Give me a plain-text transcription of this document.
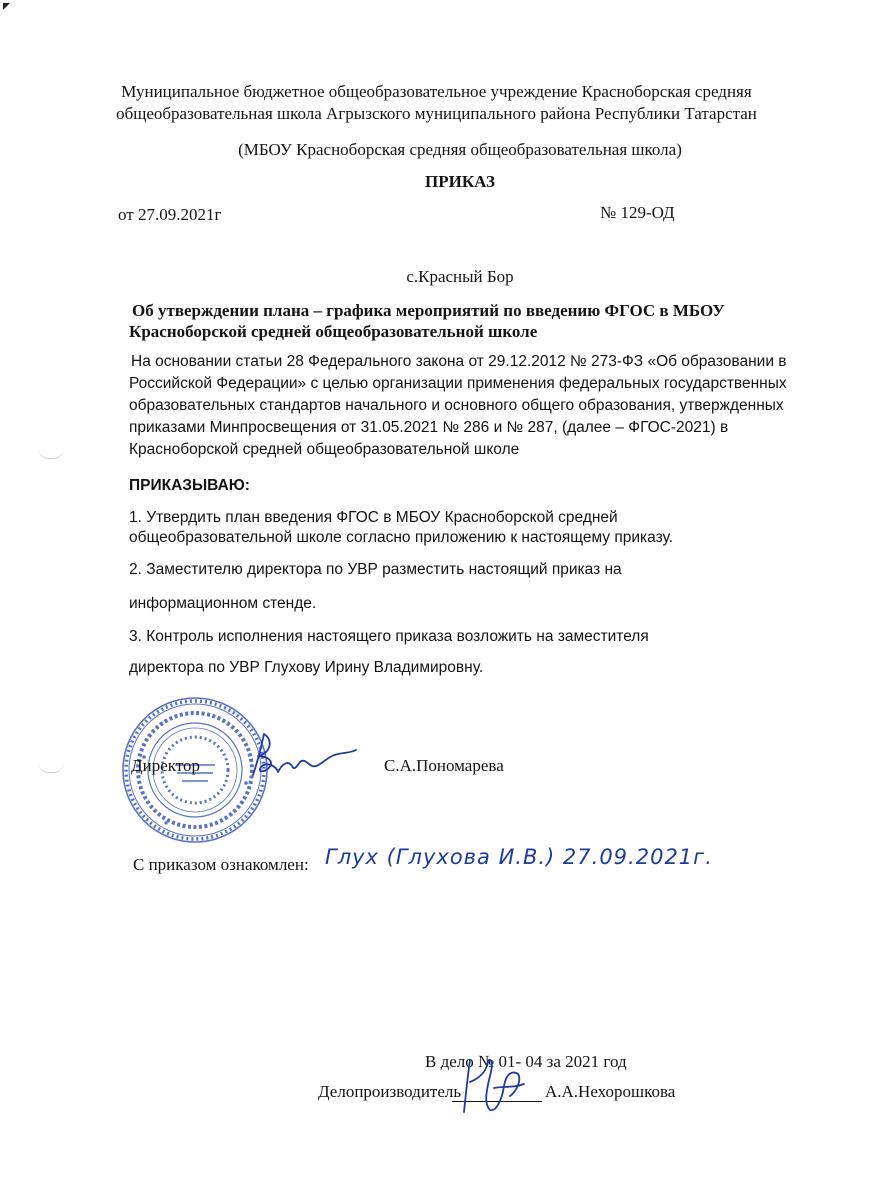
Муниципальное бюджетное общеобразовательное учреждение Красноборская средняя
общеобразовательная школа Агрызского муниципального района Республики Татарстан
(МБОУ Красноборская средняя общеобразовательная школа)
ПРИКАЗ
от 27.09.2021г	№ 129-ОД
с.Красный Бор
Об утверждении плана – графика мероприятий по введению ФГОС в МБОУ
Красноборской средней общеобразовательной школе
На основании статьи 28 Федерального закона от 29.12.2012 № 273-ФЗ «Об образовании в
Российской Федерации» с целью организации применения федеральных государственных
образовательных стандартов начального и основного общего образования, утвержденных
приказами Минпросвещения от 31.05.2021 № 286 и № 287, (далее – ФГОС-2021) в
Красноборской средней общеобразовательной школе
ПРИКАЗЫВАЮ:
1. Утвердить план введения ФГОС в МБОУ Красноборской средней
общеобразовательной школе согласно приложению к настоящему приказу.
2. Заместителю директора по УВР разместить настоящий приказ на
информационном стенде.
3. Контроль исполнения настоящего приказа возложить на заместителя
директора по УВР Глухову Ирину Владимировну.
Директор	С.А.Пономарева
С приказом ознакомлен: Глух (Глухова И.В.) 27.09.2021г.
В дело № 01- 04 за 2021 год
Делопроизводитель	А.А.Нехорошкова
